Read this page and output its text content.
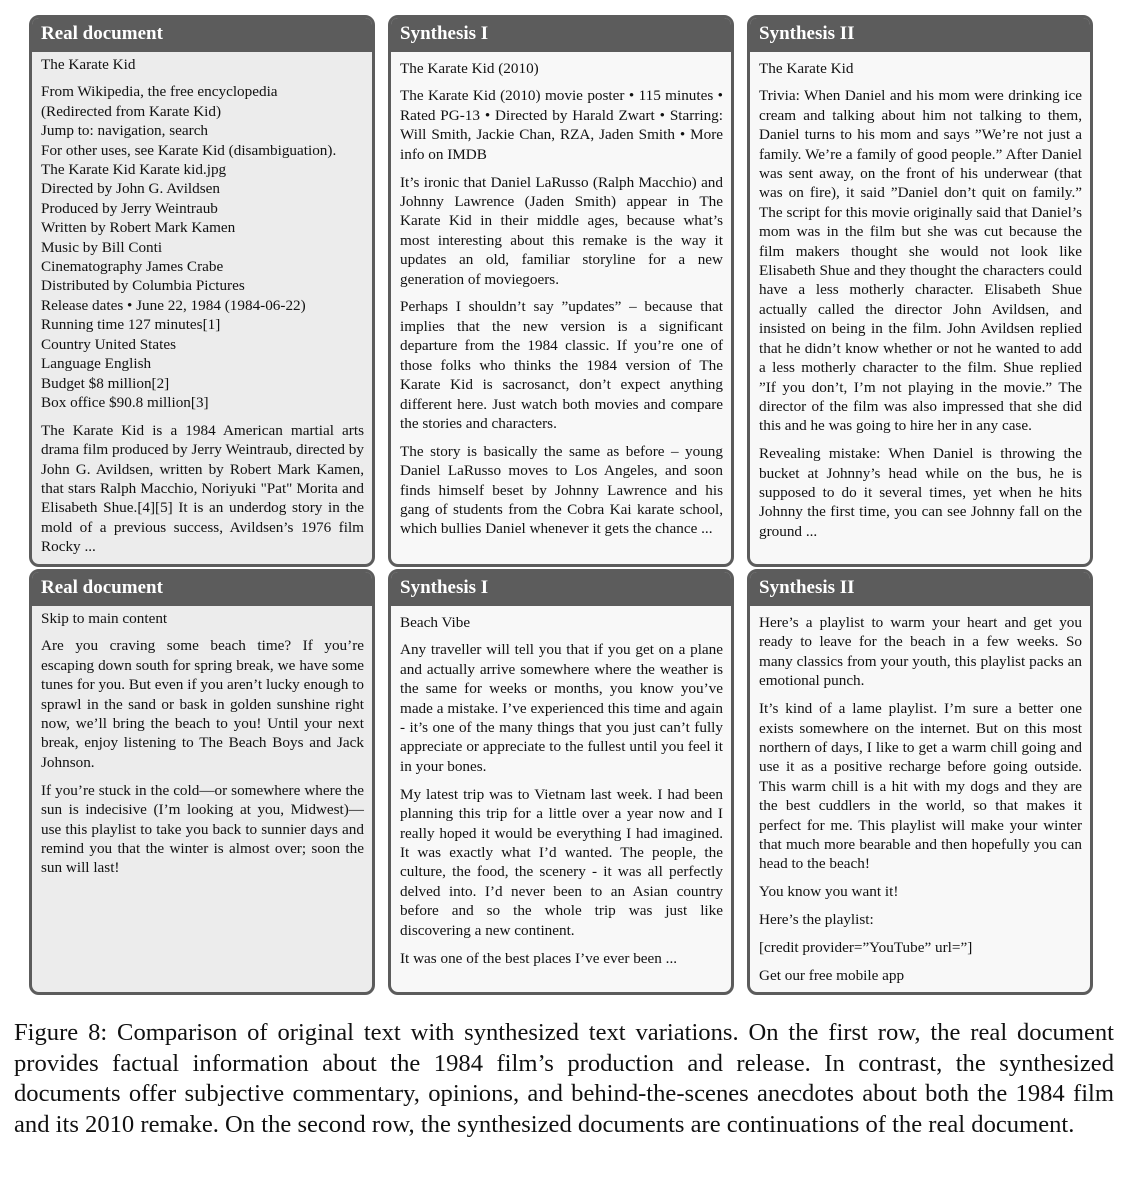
Real document

The Karate Kid

From Wikipedia, the free encyclopedia
(Redirected from Karate Kid)
Jump to: navigation, search
For other uses, see Karate Kid (disambiguation).
The Karate Kid Karate kid.jpg
Directed by John G. Avildsen
Produced by Jerry Weintraub
Written by Robert Mark Kamen
Music by Bill Conti
Cinematography James Crabe
Distributed by Columbia Pictures
Release dates • June 22, 1984 (1984-06-22)
Running time 127 minutes[1]
Country United States
Language English
Budget $8 million[2]
Box office $90.8 million[3]

The Karate Kid is a 1984 American martial arts drama film produced by Jerry Weintraub, directed by John G. Avildsen, written by Robert Mark Kamen, that stars Ralph Macchio, Noriyuki "Pat" Morita and Elisabeth Shue.[4][5] It is an underdog story in the mold of a previous success, Avildsen’s 1976 film Rocky ...

Synthesis I

The Karate Kid (2010)

The Karate Kid (2010) movie poster • 115 minutes • Rated PG-13 • Directed by Harald Zwart • Starring: Will Smith, Jackie Chan, RZA, Jaden Smith • More info on IMDB

It’s ironic that Daniel LaRusso (Ralph Macchio) and Johnny Lawrence (Jaden Smith) appear in The Karate Kid in their middle ages, because what’s most interesting about this remake is the way it updates an old, familiar storyline for a new generation of moviegoers.

Perhaps I shouldn’t say ”updates” – because that implies that the new version is a significant departure from the 1984 classic. If you’re one of those folks who thinks the 1984 version of The Karate Kid is sacrosanct, don’t expect anything different here. Just watch both movies and compare the stories and characters.

The story is basically the same as before – young Daniel LaRusso moves to Los Angeles, and soon finds himself beset by Johnny Lawrence and his gang of students from the Cobra Kai karate school, which bullies Daniel whenever it gets the chance ...

Synthesis II

The Karate Kid

Trivia: When Daniel and his mom were drinking ice cream and talking about him not talking to them, Daniel turns to his mom and says ”We’re not just a family. We’re a family of good people.” After Daniel was sent away, on the front of his underwear (that was on fire), it said ”Daniel don’t quit on family.” The script for this movie originally said that Daniel’s mom was in the film but she was cut because the film makers thought she would not look like Elisabeth Shue and they thought the characters could have a less motherly character. Elisabeth Shue actually called the director John Avildsen, and insisted on being in the film. John Avildsen replied that he didn’t know whether or not he wanted to add a less motherly character to the film. Shue replied ”If you don’t, I’m not playing in the movie.” The director of the film was also impressed that she did this and he was going to hire her in any case.

Revealing mistake: When Daniel is throwing the bucket at Johnny’s head while on the bus, he is supposed to do it several times, yet when he hits Johnny the first time, you can see Johnny fall on the ground ...

Real document

Skip to main content

Are you craving some beach time? If you’re escaping down south for spring break, we have some tunes for you. But even if you aren’t lucky enough to sprawl in the sand or bask in golden sunshine right now, we’ll bring the beach to you! Until your next break, enjoy listening to The Beach Boys and Jack Johnson.

If you’re stuck in the cold—or somewhere where the sun is indecisive (I’m looking at you, Midwest)—use this playlist to take you back to sunnier days and remind you that the winter is almost over; soon the sun will last!

Synthesis I

Beach Vibe

Any traveller will tell you that if you get on a plane and actually arrive somewhere where the weather is the same for weeks or months, you know you’ve made a mistake. I’ve experienced this time and again - it’s one of the many things that you just can’t fully appreciate or appreciate to the fullest until you feel it in your bones.

My latest trip was to Vietnam last week. I had been planning this trip for a little over a year now and I really hoped it would be everything I had imagined. It was exactly what I’d wanted. The people, the culture, the food, the scenery - it was all perfectly delved into. I’d never been to an Asian country before and so the whole trip was just like discovering a new continent.

It was one of the best places I’ve ever been ...

Synthesis II

Here’s a playlist to warm your heart and get you ready to leave for the beach in a few weeks. So many classics from your youth, this playlist packs an emotional punch.

It’s kind of a lame playlist. I’m sure a better one exists somewhere on the internet. But on this most northern of days, I like to get a warm chill going and use it as a positive recharge before going outside. This warm chill is a hit with my dogs and they are the best cuddlers in the world, so that makes it perfect for me. This playlist will make your winter that much more bearable and then hopefully you can head to the beach!

You know you want it!

Here’s the playlist:

[credit provider=”YouTube” url=”]

Get our free mobile app

Figure 8: Comparison of original text with synthesized text variations. On the first row, the real document provides factual information about the 1984 film’s production and release. In contrast, the synthesized documents offer subjective commentary, opinions, and behind-the-scenes anecdotes about both the 1984 film and its 2010 remake. On the second row, the synthesized documents are continuations of the real document.
